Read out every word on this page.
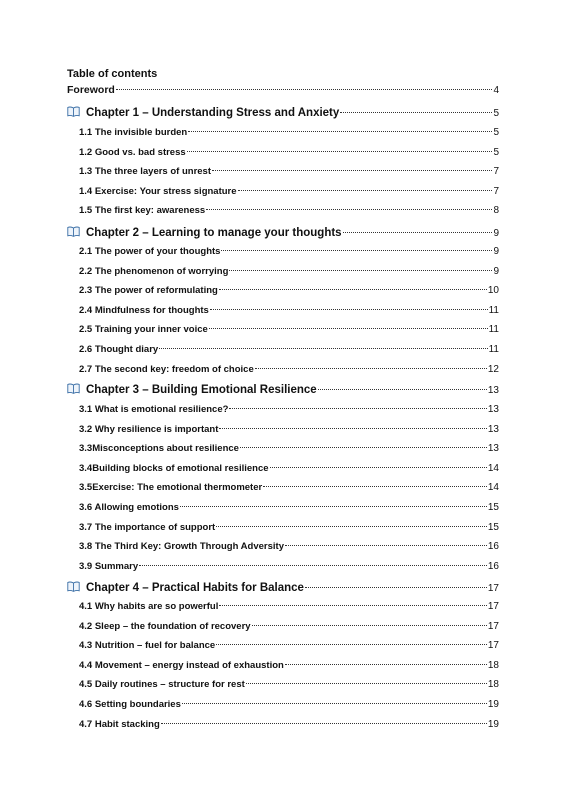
Table of contents
Foreword	4
Chapter 1 – Understanding Stress and Anxiety	5
1.1 The invisible burden	5
1.2 Good vs. bad stress	5
1.3 The three layers of unrest	7
1.4 Exercise: Your stress signature	7
1.5 The first key: awareness	8
Chapter 2 – Learning to manage your thoughts	9
2.1 The power of your thoughts	9
2.2 The phenomenon of worrying	9
2.3 The power of reformulating	10
2.4 Mindfulness for thoughts	11
2.5 Training your inner voice	11
2.6 Thought diary	11
2.7 The second key: freedom of choice	12
Chapter 3 – Building Emotional Resilience	13
3.1 What is emotional resilience?	13
3.2 Why resilience is important	13
3.3Misconceptions about resilience	13
3.4Building blocks of emotional resilience	14
3.5Exercise: The emotional thermometer	14
3.6 Allowing emotions	15
3.7 The importance of support	15
3.8 The Third Key: Growth Through Adversity	16
3.9 Summary	16
Chapter 4 – Practical Habits for Balance	17
4.1 Why habits are so powerful	17
4.2 Sleep – the foundation of recovery	17
4.3 Nutrition – fuel for balance	17
4.4 Movement – energy instead of exhaustion	18
4.5 Daily routines – structure for rest	18
4.6 Setting boundaries	19
4.7 Habit stacking	19
